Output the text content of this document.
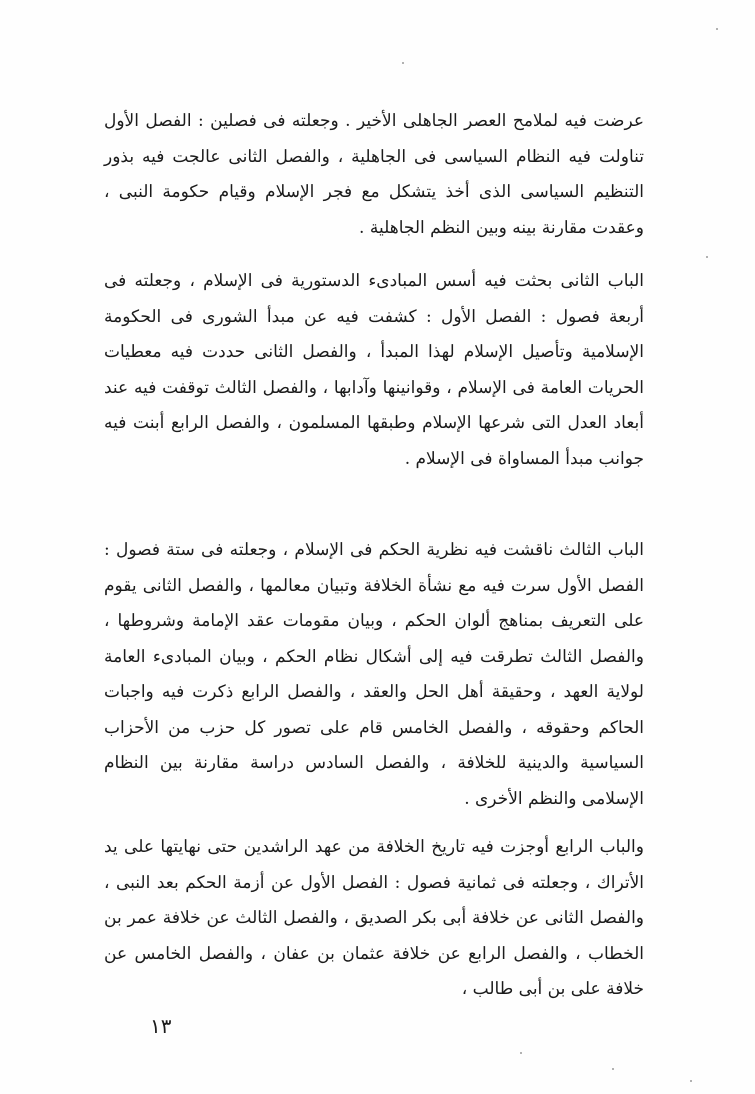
عرضت فيه لملامح العصر الجاهلى الأخير . وجعلته فى فصلين : الفصل الأول تناولت فيه النظام السياسى فى الجاهلية ، والفصل الثانى عالجت فيه بذور التنظيم السياسى الذى أخذ يتشكل مع فجر الإسلام وقيام حكومة النبى ، وعقدت مقارنة بينه وبين النظم الجاهلية .

الباب الثانى بحثت فيه أسس المبادىء الدستورية فى الإسلام ، وجعلته فى أربعة فصول : الفصل الأول : كشفت فيه عن مبدأ الشورى فى الحكومة الإسلامية وتأصيل الإسلام لهذا المبدأ ، والفصل الثانى حددت فيه معطيات الحريات العامة فى الإسلام ، وقوانينها وآدابها ، والفصل الثالث توقفت فيه عند أبعاد العدل التى شرعها الإسلام وطبقها المسلمون ، والفصل الرابع أبنت فيه جوانب مبدأ المساواة فى الإسلام .

الباب الثالث ناقشت فيه نظرية الحكم فى الإسلام ، وجعلته فى ستة فصول : الفصل الأول سرت فيه مع نشأة الخلافة وتبيان معالمها ، والفصل الثانى يقوم على التعريف بمناهج ألوان الحكم ، وبيان مقومات عقد الإمامة وشروطها ، والفصل الثالث تطرقت فيه إلى أشكال نظام الحكم ، وبيان المبادىء العامة لولاية العهد ، وحقيقة أهل الحل والعقد ، والفصل الرابع ذكرت فيه واجبات الحاكم وحقوقه ، والفصل الخامس قام على تصور كل حزب من الأحزاب السياسية والدينية للخلافة ، والفصل السادس دراسة مقارنة بين النظام الإسلامى والنظم الأخرى .

والباب الرابع أوجزت فيه تاريخ الخلافة من عهد الراشدين حتى نهايتها على يد الأتراك ، وجعلته فى ثمانية فصول : الفصل الأول عن أزمة الحكم بعد النبى ، والفصل الثانى عن خلافة أبى بكر الصديق ، والفصل الثالث عن خلافة عمر بن الخطاب ، والفصل الرابع عن خلافة عثمان بن عفان ، والفصل الخامس عن خلافة على بن أبى طالب ،

١٣
